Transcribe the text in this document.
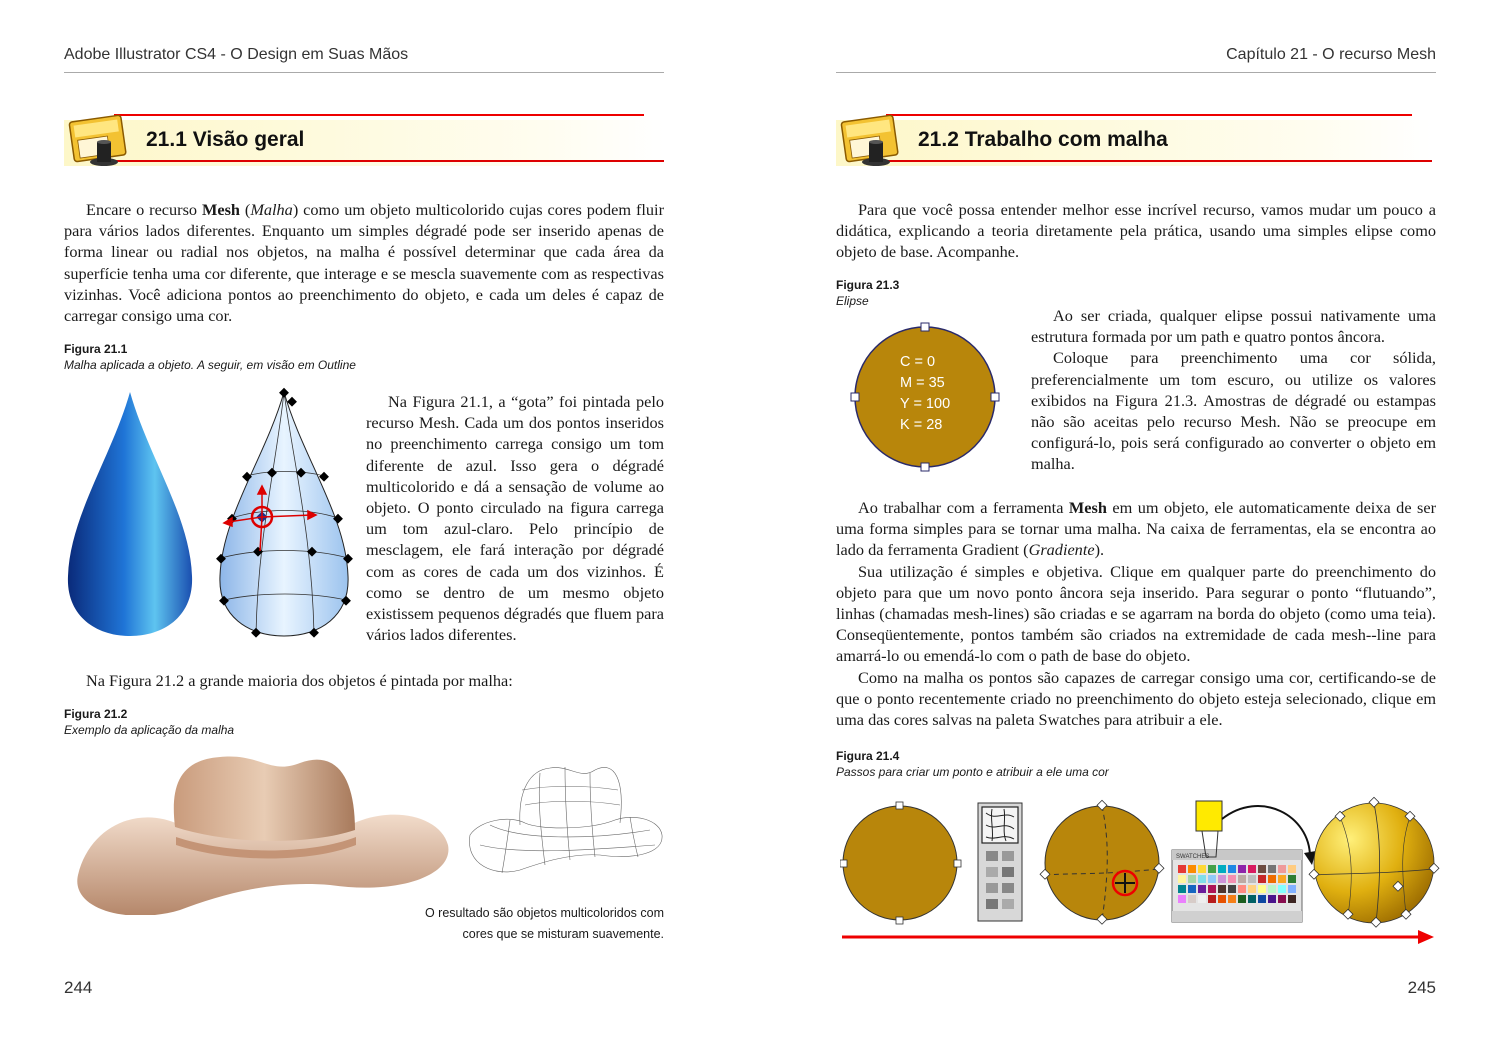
Adobe Illustrator CS4 - O Design em Suas Mãos
21.1 Visão geral

Encare o recurso Mesh (Malha) como um objeto multicolorido cujas cores podem fluir para vários lados diferentes. Enquanto um simples dégradé pode ser inserido apenas de forma linear ou radial nos objetos, na malha é possível determinar que cada área da superfície tenha uma cor diferente, que interage e se mescla suavemente com as respectivas vizinhas. Você adiciona pontos ao preenchimento do objeto, e cada um deles é capaz de carregar consigo uma cor.

Figura 21.1
Malha aplicada a objeto. A seguir, em visão em Outline

Na Figura 21.1, a “gota” foi pintada pelo recurso Mesh. Cada um dos pontos inseridos no preenchimento carrega consigo um tom diferente de azul. Isso gera o dégradé multicolorido e dá a sensação de volume ao objeto. O ponto circulado na figura carrega um tom azul-claro. Pelo princípio de mesclagem, ele fará interação por dégradé com as cores de cada um dos vizinhos. É como se dentro de um mesmo objeto existissem pequenos dégradés que fluem para vários lados diferentes.

Na Figura 21.2 a grande maioria dos objetos é pintada por malha:

Figura 21.2
Exemplo da aplicação da malha
O resultado são objetos multicoloridos com
cores que se misturam suavemente.
244
Capítulo 21 - O recurso Mesh
21.2 Trabalho com malha

Para que você possa entender melhor esse incrível recurso, vamos mudar um pouco a didática, explicando a teoria diretamente pela prática, usando uma simples elipse como objeto de base. Acompanhe.

Figura 21.3
Elipse
C = 0
M = 35
Y = 100
K = 28

Ao ser criada, qualquer elipse possui nativamente uma estrutura formada por um path e quatro pontos âncora.

Coloque para preenchimento uma cor sólida, preferencialmente um tom escuro, ou utilize os valores exibidos na Figura 21.3. Amostras de dégradé ou estampas não são aceitas pelo recurso Mesh. Não se preocupe em configurá-lo, pois será configurado ao converter o objeto em malha.

Ao trabalhar com a ferramenta Mesh em um objeto, ele automaticamente deixa de ser uma forma simples para se tornar uma malha. Na caixa de ferramentas, ela se encontra ao lado da ferramenta Gradient (Gradiente).

Sua utilização é simples e objetiva. Clique em qualquer parte do preenchimento do objeto para que um novo ponto âncora seja inserido. Para segurar o ponto “flutuando”, linhas (chamadas mesh-lines) são criadas e se agarram na borda do objeto (como uma teia). Conseqüentemente, pontos também são criados na extremidade de cada mesh--line para amarrá-lo ou emendá-lo com o path de base do objeto.

Como na malha os pontos são capazes de carregar consigo uma cor, certificando-se de que o ponto recentemente criado no preenchimento do objeto esteja selecionado, clique em uma das cores salvas na paleta Swatches para atribuir a ele.

Figura 21.4
Passos para criar um ponto e atribuir a ele uma cor
SWATCHES
245
